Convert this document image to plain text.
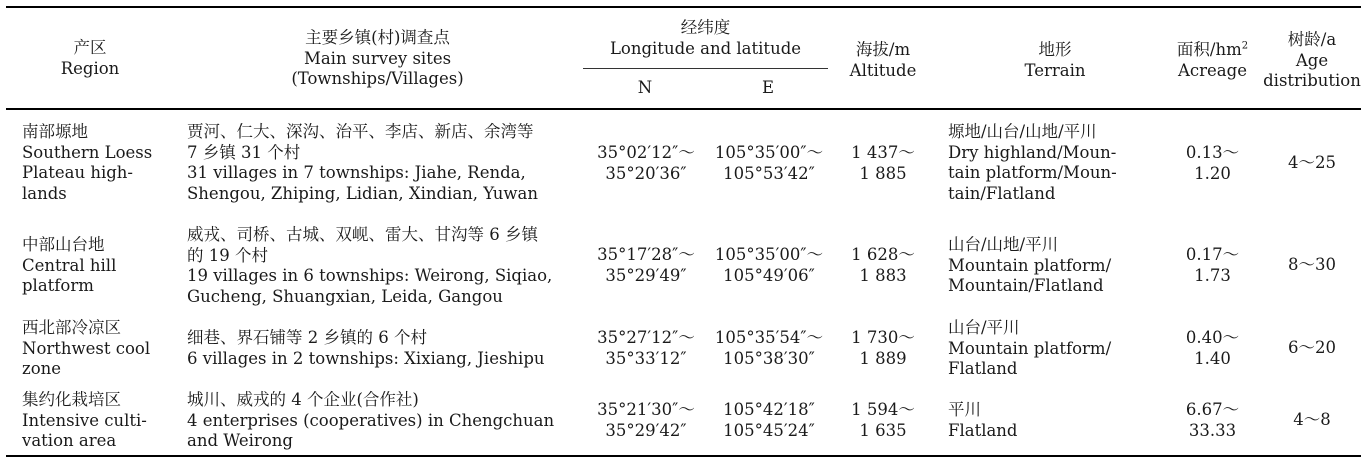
产区
Region
主要乡镇(村)调查点
Main survey sites
(Townships/Villages)
经纬度
Longitude and latitude
N	E
海拔/m
Altitude
地形
Terrain
面积$/hm^2$
Acreage
树龄/a
Age
distribution
南部塬地
Southern Loess
Plateau high-
lands
贾河、仁大、深沟、治平、李店、新店、余湾等
7 乡镇 31 个村
31 villages in 7 townships: Jiahe, Renda,
Shengou, Zhiping, Lidian, Xindian, Yuwan
35°02′12″～
35°20′36″
105°35′00″～
105°53′42″
1 437～
1 885
塬地/山台/山地/平川
Dry highland/Moun-
tain platform/Moun-
tain/Flatland
0.13～
1.20
4～25
中部山台地
Central hill
platform
威戎、司桥、古城、双岘、雷大、甘沟等 6 乡镇
的 19 个村
19 villages in 6 townships: Weirong, Siqiao,
Gucheng, Shuangxian, Leida, Gangou
35°17′28″～
35°29′49″
105°35′00″～
105°49′06″
1 628～
1 883
山台/山地/平川
Mountain platform/
Mountain/Flatland
0.17～
1.73
8～30
西北部冷凉区
Northwest cool
zone
细巷、界石铺等 2 乡镇的 6 个村
6 villages in 2 townships: Xixiang, Jieshipu
35°27′12″～
35°33′12″
105°35′54″～
105°38′30″
1 730～
1 889
山台/平川
Mountain platform/
Flatland
0.40～
1.40
6～20
集约化栽培区
Intensive culti-
vation area
城川、威戎的 4 个企业(合作社)
4 enterprises (cooperatives) in Chengchuan
and Weirong
35°21′30″～
35°29′42″
105°42′18″
105°45′24″
1 594～
1 635
平川
Flatland
6.67～
33.33
4～8
